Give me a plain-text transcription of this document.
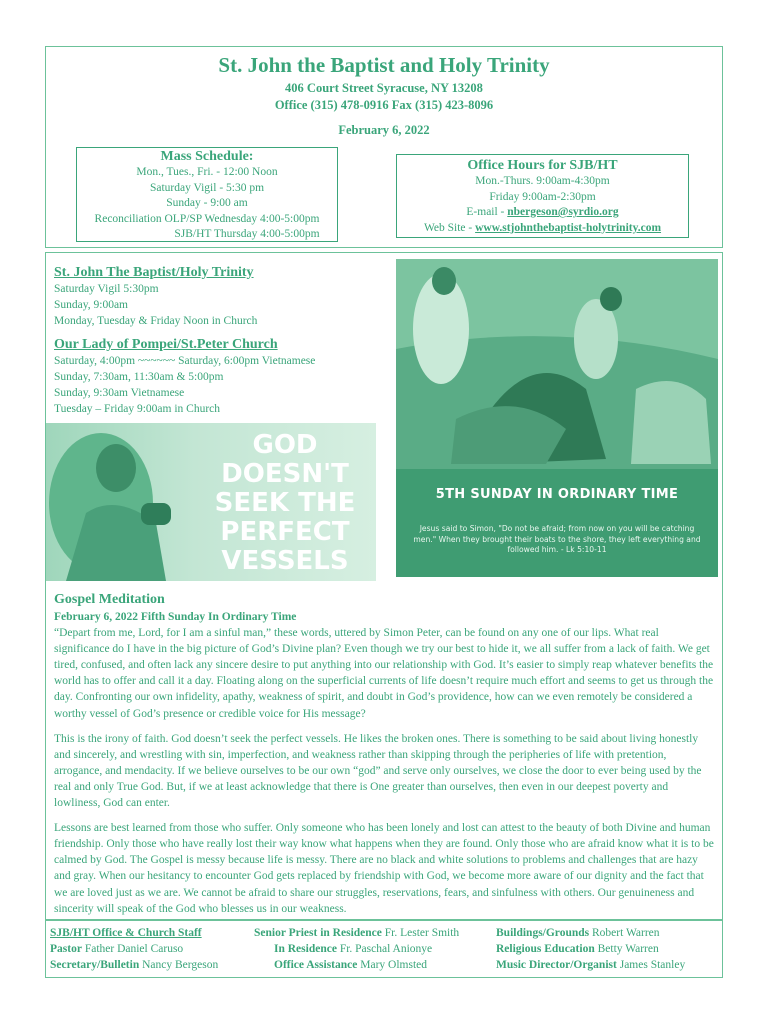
St. John the Baptist and Holy Trinity
406 Court Street Syracuse, NY 13208
Office (315) 478-0916 Fax (315) 423-8096
February 6, 2022
Mass Schedule:
Mon., Tues., Fri. - 12:00 Noon
Saturday Vigil - 5:30 pm
Sunday - 9:00 am
Reconciliation OLP/SP Wednesday 4:00-5:00pm
SJB/HT Thursday 4:00-5:00pm
Office Hours for SJB/HT
Mon.-Thurs. 9:00am-4:30pm
Friday 9:00am-2:30pm
E-mail - nbergeson@syrdio.org
Web Site - www.stjohnthebaptist-holytrinity.com
St. John The Baptist/Holy Trinity
Saturday Vigil 5:30pm
Sunday, 9:00am
Monday, Tuesday & Friday Noon in Church
Our Lady of Pompei/St.Peter Church
Saturday, 4:00pm ~~~~~~ Saturday, 6:00pm Vietnamese
Sunday, 7:30am, 11:30am & 5:00pm
Sunday, 9:30am Vietnamese
Tuesday – Friday 9:00am in Church
GOD
DOESN'T
SEEK THE
PERFECT
VESSELS
5TH SUNDAY IN ORDINARY TIME
Jesus said to Simon, "Do not be afraid; from now on you will be catching men." When they brought their boats to the shore, they left everything and followed him. - Lk 5:10-11
Gospel Meditation
February 6, 2022 Fifth Sunday In Ordinary Time

“Depart from me, Lord, for I am a sinful man,” these words, uttered by Simon Peter, can be found on any one of our lips. What real significance do I have in the big picture of God’s Divine plan? Even though we try our best to hide it, we all suffer from a lack of faith. We get tired, confused, and often lack any sincere desire to put anything into our relationship with God. It’s easier to simply reap whatever benefits the world has to offer and call it a day. Floating along on the superficial currents of life doesn’t require much effort and seems to get us through the day. Confronting our own infidelity, apathy, weakness of spirit, and doubt in God’s providence, how can we even remotely be considered a worthy vessel of God’s presence or credible voice for His message?

This is the irony of faith. God doesn’t seek the perfect vessels. He likes the broken ones. There is something to be said about living honestly and sincerely, and wrestling with sin, imperfection, and weakness rather than skipping through the peripheries of life with pretention, arrogance, and mendacity. If we believe ourselves to be our own “god” and serve only ourselves, we close the door to ever being used by the real and only True God. But, if we at least acknowledge that there is One greater than ourselves, then even in our deepest poverty and lowliness, God can enter.

Lessons are best learned from those who suffer. Only someone who has been lonely and lost can attest to the beauty of both Divine and human friendship. Only those who have really lost their way know what happens when they are found. Only those who are afraid know what it is to be calmed by God. The Gospel is messy because life is messy. There are no black and white solutions to problems and challenges that are hazy and gray. When our hesitancy to encounter God gets replaced by friendship with God, we become more aware of our dignity and the fact that we are loved just as we are. We cannot be afraid to share our struggles, reservations, fears, and sinfulness with others. Our genuineness and sincerity will speak of the God who blesses us in our weakness.

SJB/HT Office & Church Staff
Pastor Father Daniel Caruso
Secretary/Bulletin Nancy Bergeson
Senior Priest in Residence Fr. Lester Smith
In Residence Fr. Paschal Anionye
Office Assistance Mary Olmsted
Buildings/Grounds Robert Warren
Religious Education Betty Warren
Music Director/Organist James Stanley
